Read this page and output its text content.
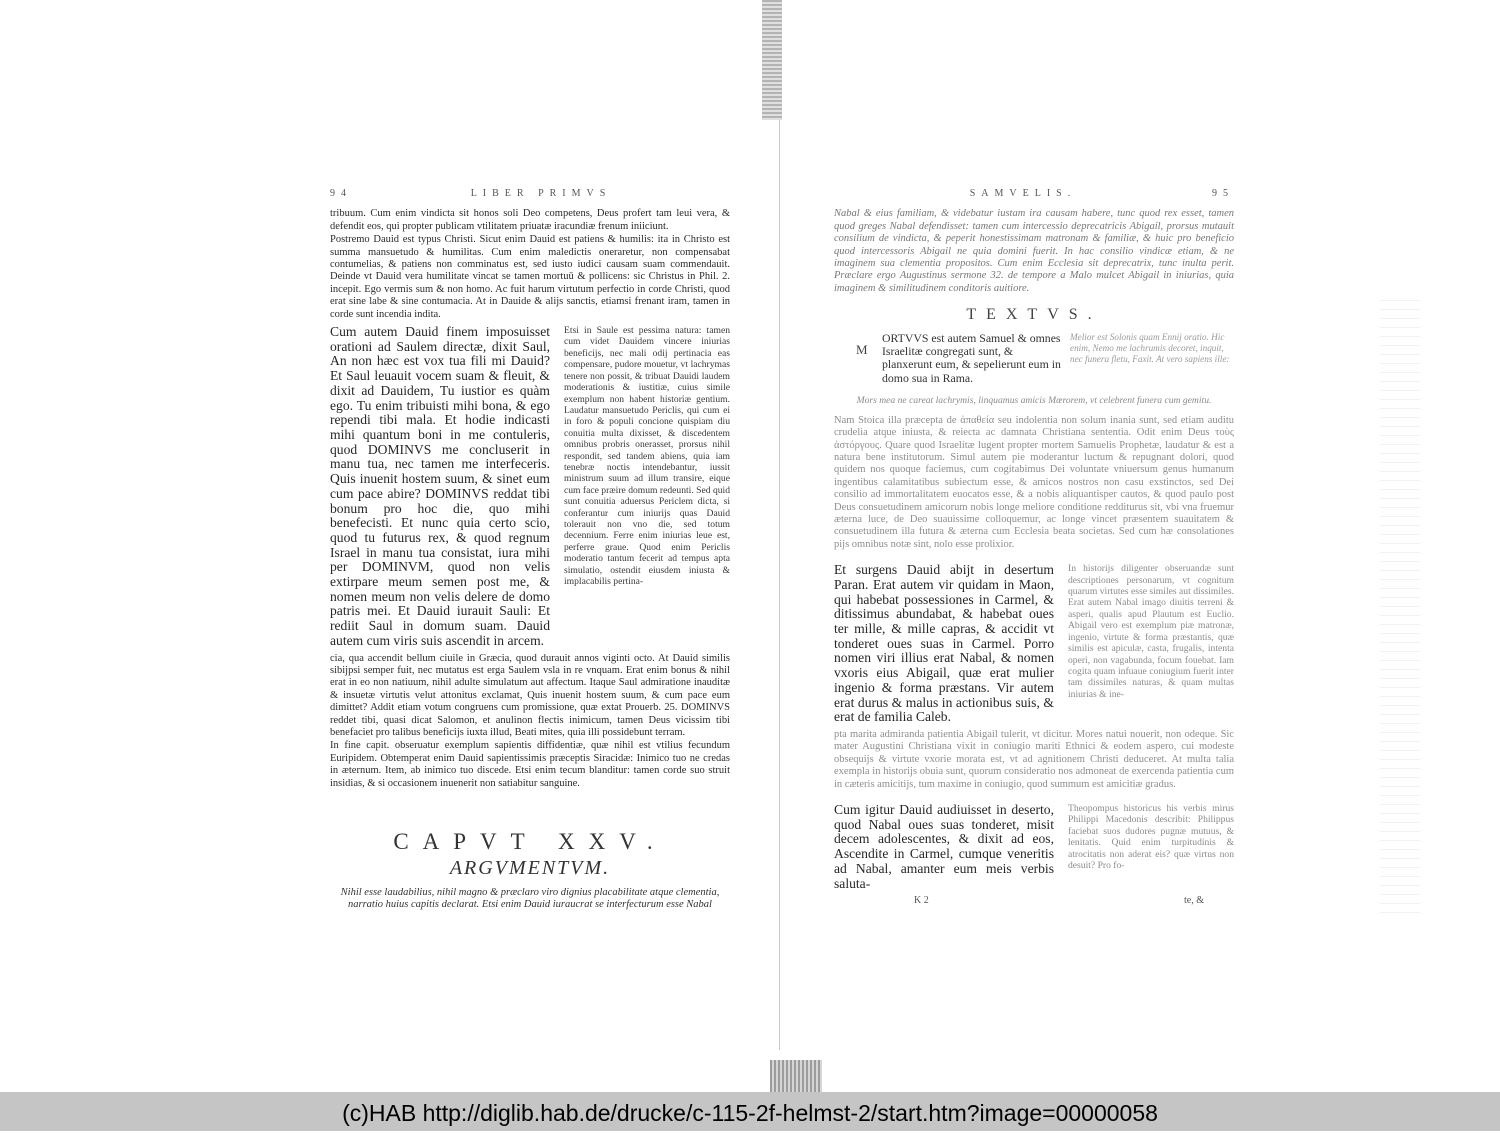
94	LIBER PRIMVS

tribuum. Cum enim vindicta sit honos soli Deo competens, Deus profert tam leui vera, & defendit eos, qui propter publicam vtilitatem priuatæ iracundiæ frenum iniiciunt.

Postremo Dauid est typus Christi. Sicut enim Dauid est patiens & humilis: ita in Christo est summa mansuetudo & humilitas. Cum enim maledictis oneraretur, non compensabat contumelias, & patiens non comminatus est, sed iusto iudici causam suam commendauit. Deinde vt Dauid vera humilitate vincat se tamen mortuū & pollicens: sic Christus in Phil. 2. incepit. Ego vermis sum & non homo. Ac fuit harum virtutum perfectio in corde Christi, quod erat sine labe & sine contumacia. At in Dauide & alijs sanctis, etiamsi frenant iram, tamen in corde sunt incendia indita.

Cum autem Dauid finem imposuisset orationi ad Saulem directæ, dixit Saul, An non hæc est vox tua fili mi Dauid? Et Saul leuauit vocem suam & fleuit, & dixit ad Dauidem, Tu iustior es quàm ego. Tu enim tribuisti mihi bona, & ego rependi tibi mala. Et hodie indicasti mihi quantum boni in me contuleris, quod DOMINVS me concluserit in manu tua, nec tamen me interfeceris. Quis inuenit hostem suum, & sinet eum cum pace abire? DOMINVS reddat tibi bonum pro hoc die, quo mihi benefecisti. Et nunc quia certo scio, quod tu futurus rex, & quod regnum Israel in manu tua consistat, iura mihi per DOMINVM, quod non velis extirpare meum semen post me, & nomen meum non velis delere de domo patris mei. Et Dauid iurauit Sauli: Et rediit Saul in domum suam. Dauid autem cum viris suis ascendit in arcem.
Etsi in Saule est pessima natura: tamen cum videt Dauidem vincere iniurias beneficijs, nec mali odij pertinacia eas compensare, pudore mouetur, vt lachrymas tenere non possit, & tribuat Dauidi laudem moderationis & iustitiæ, cuius simile exemplum non habent historiæ gentium. Laudatur mansuetudo Periclis, qui cum ei in foro & populi concione quispiam diu conuitia multa dixisset, & discedentem omnibus probris onerasset, prorsus nihil respondit, sed tandem abiens, quia iam tenebræ noctis intendebantur, iussit ministrum suum ad illum transire, eique cum face præire domum redeunti. Sed quid sunt conuitia aduersus Periclem dicta, si conferantur cum iniurijs quas Dauid tolerauit non vno die, sed totum decennium. Ferre enim iniurias leue est, perferre graue. Quod enim Periclis moderatio tantum fecerit ad tempus apta simulatio, ostendit eiusdem iniusta & implacabilis pertina-

cia, qua accendit bellum ciuile in Græcia, quod durauit annos viginti octo. At Dauid similis sibijpsi semper fuit, nec mutatus est erga Saulem vsla in re vnquam. Erat enim bonus & nihil erat in eo non natiuum, nihil adulte simulatum aut affectum. Itaque Saul admiratione inauditæ & insuetæ virtutis velut attonitus exclamat, Quis inuenit hostem suum, & cum pace eum dimittet? Addit etiam votum congruens cum promissione, quæ extat Prouerb. 25. DOMINVS reddet tibi, quasi dicat Salomon, et anulinon flectis inimicum, tamen Deus vicissim tibi benefaciet pro talibus beneficijs iuxta illud, Beati mites, quia illi possidebunt terram.

In fine capit. obseruatur exemplum sapientis diffidentiæ, quæ nihil est vtilius fecundum Euripidem. Obtemperat enim Dauid sapientissimis præceptis Siracidæ: Inimico tuo ne credas in æternum. Item, ab inimico tuo discede. Etsi enim tecum blanditur: tamen corde suo struit insidias, & si occasionem inuenerit non satiabitur sanguine.

CAPVT XXV.
ARGVMENTVM.
Nihil esse laudabilius, nihil magno & præclaro viro dignius placabilitate atque clementia, narratio huius capitis declarat. Etsi enim Dauid iuraucrat se interfecturum esse Nabal
SAMVELIS.	95

Nabal & eius familiam, & videbatur iustam ira causam habere, tunc quod rex esset, tamen quod greges Nabal defendisset: tamen cum intercessio deprecatricis Abigail, prorsus mutauit consilium de vindicta, & peperit honestissimam matronam & familiæ, & huic pro beneficio quod intercessoris Abigail ne quia domini fuerit. In hac consilio vindicæ etiam, & ne imaginem sua clementia propositos. Cum enim Ecclesia sit deprecatrix, tunc inulta perit. Præclare ergo Augustinus sermone 32. de tempore a Malo mulcet Abigail in iniurias, quia imaginem & similitudinem conditoris auitiore.

TEXTVS.
M
ORTVVS est autem Samuel & omnes Israelitæ congregati sunt, & planxerunt eum, & sepelierunt eum in domo sua in Rama.
Melior est Solonis quam Ennij oratio. Hic enim, Nemo me lachrumis decoret, inquit, nec funera fletu, Faxit. At vero sapiens ille:
Mors mea ne careat lachrymis, linquamus amicis Mœrorem, vt celebrent funera cum gemitu.

Nam Stoica illa præcepta de ἀπαθεία seu indolentia non solum inania sunt, sed etiam auditu crudelia atque iniusta, & reiecta ac damnata Christiana sententia. Odit enim Deus τοὺς ἀστόργους. Quare quod Israelitæ lugent propter mortem Samuelis Prophetæ, laudatur & est a natura bene institutorum. Simul autem pie moderantur luctum & repugnant dolori, quod quidem nos quoque faciemus, cum cogitabimus Dei voluntate vniuersum genus humanum ingentibus calamitatibus subiectum esse, & amicos nostros non casu exstinctos, sed Dei consilio ad immortalitatem euocatos esse, & a nobis aliquantisper cautos, & quod paulo post Deus consuetudinem amicorum nobis longe meliore conditione redditurus sit, vbi vna fruemur æterna luce, de Deo suauissime colloquemur, ac longe vincet præsentem suauitatem & consuetudinem illa futura & æterna cum Ecclesia beata societas. Sed cum hæ consolationes pijs omnibus notæ sint, nolo esse prolixior.

Et surgens Dauid abijt in desertum Paran. Erat autem vir quidam in Maon, qui habebat possessiones in Carmel, & ditissimus abundabat, & habebat oues ter mille, & mille capras, & accidit vt tonderet oues suas in Carmel. Porro nomen viri illius erat Nabal, & nomen vxoris eius Abigail, quæ erat mulier ingenio & forma præstans. Vir autem erat durus & malus in actionibus suis, & erat de familia Caleb.
In historijs diligenter obseruandæ sunt descriptiones personarum, vt cognitum quarum virtutes esse similes aut dissimiles. Erat autem Nabal imago diuitis terreni & asperi, qualis apud Plautum est Euclio. Abigail vero est exemplum piæ matronæ, ingenio, virtute & forma præstantis, quæ similis est apiculæ, casta, frugalis, intenta operi, non vagabunda, focum fouebat. Iam cogita quam infuaue coniugium fuerit inter tam dissimiles naturas, & quam multas iniurias & ine-

pta marita admiranda patientia Abigail tulerit, vt dicitur. Mores natui nouerit, non odeque. Sic mater Augustini Christiana vixit in coniugio mariti Ethnici & eodem aspero, cui modeste obsequijs & virtute vxorie morata est, vt ad agnitionem Christi deduceret. At multa talia exempla in historijs obuia sunt, quorum consideratio nos admoneat de exercenda patientia cum in cæteris amicitijs, tum maxime in coniugio, quod summum est amicitiæ gradus.

Cum igitur Dauid audiuisset in deserto, quod Nabal oues suas tonderet, misit decem adolescentes, & dixit ad eos, Ascendite in Carmel, cumque veneritis ad Nabal, amanter eum meis verbis saluta-
Theopompus historicus his verbis mirus Philippi Macedonis describit: Philippus faciebat suos dudores pugnæ mutuus, & lenitatis. Quid enim turpitudinis & atrocitatis non aderat eis? quæ virtus non desuit? Pro fo-
K 2	te, &
(c)HAB http://diglib.hab.de/drucke/c-115-2f-helmst-2/start.htm?image=00000058
